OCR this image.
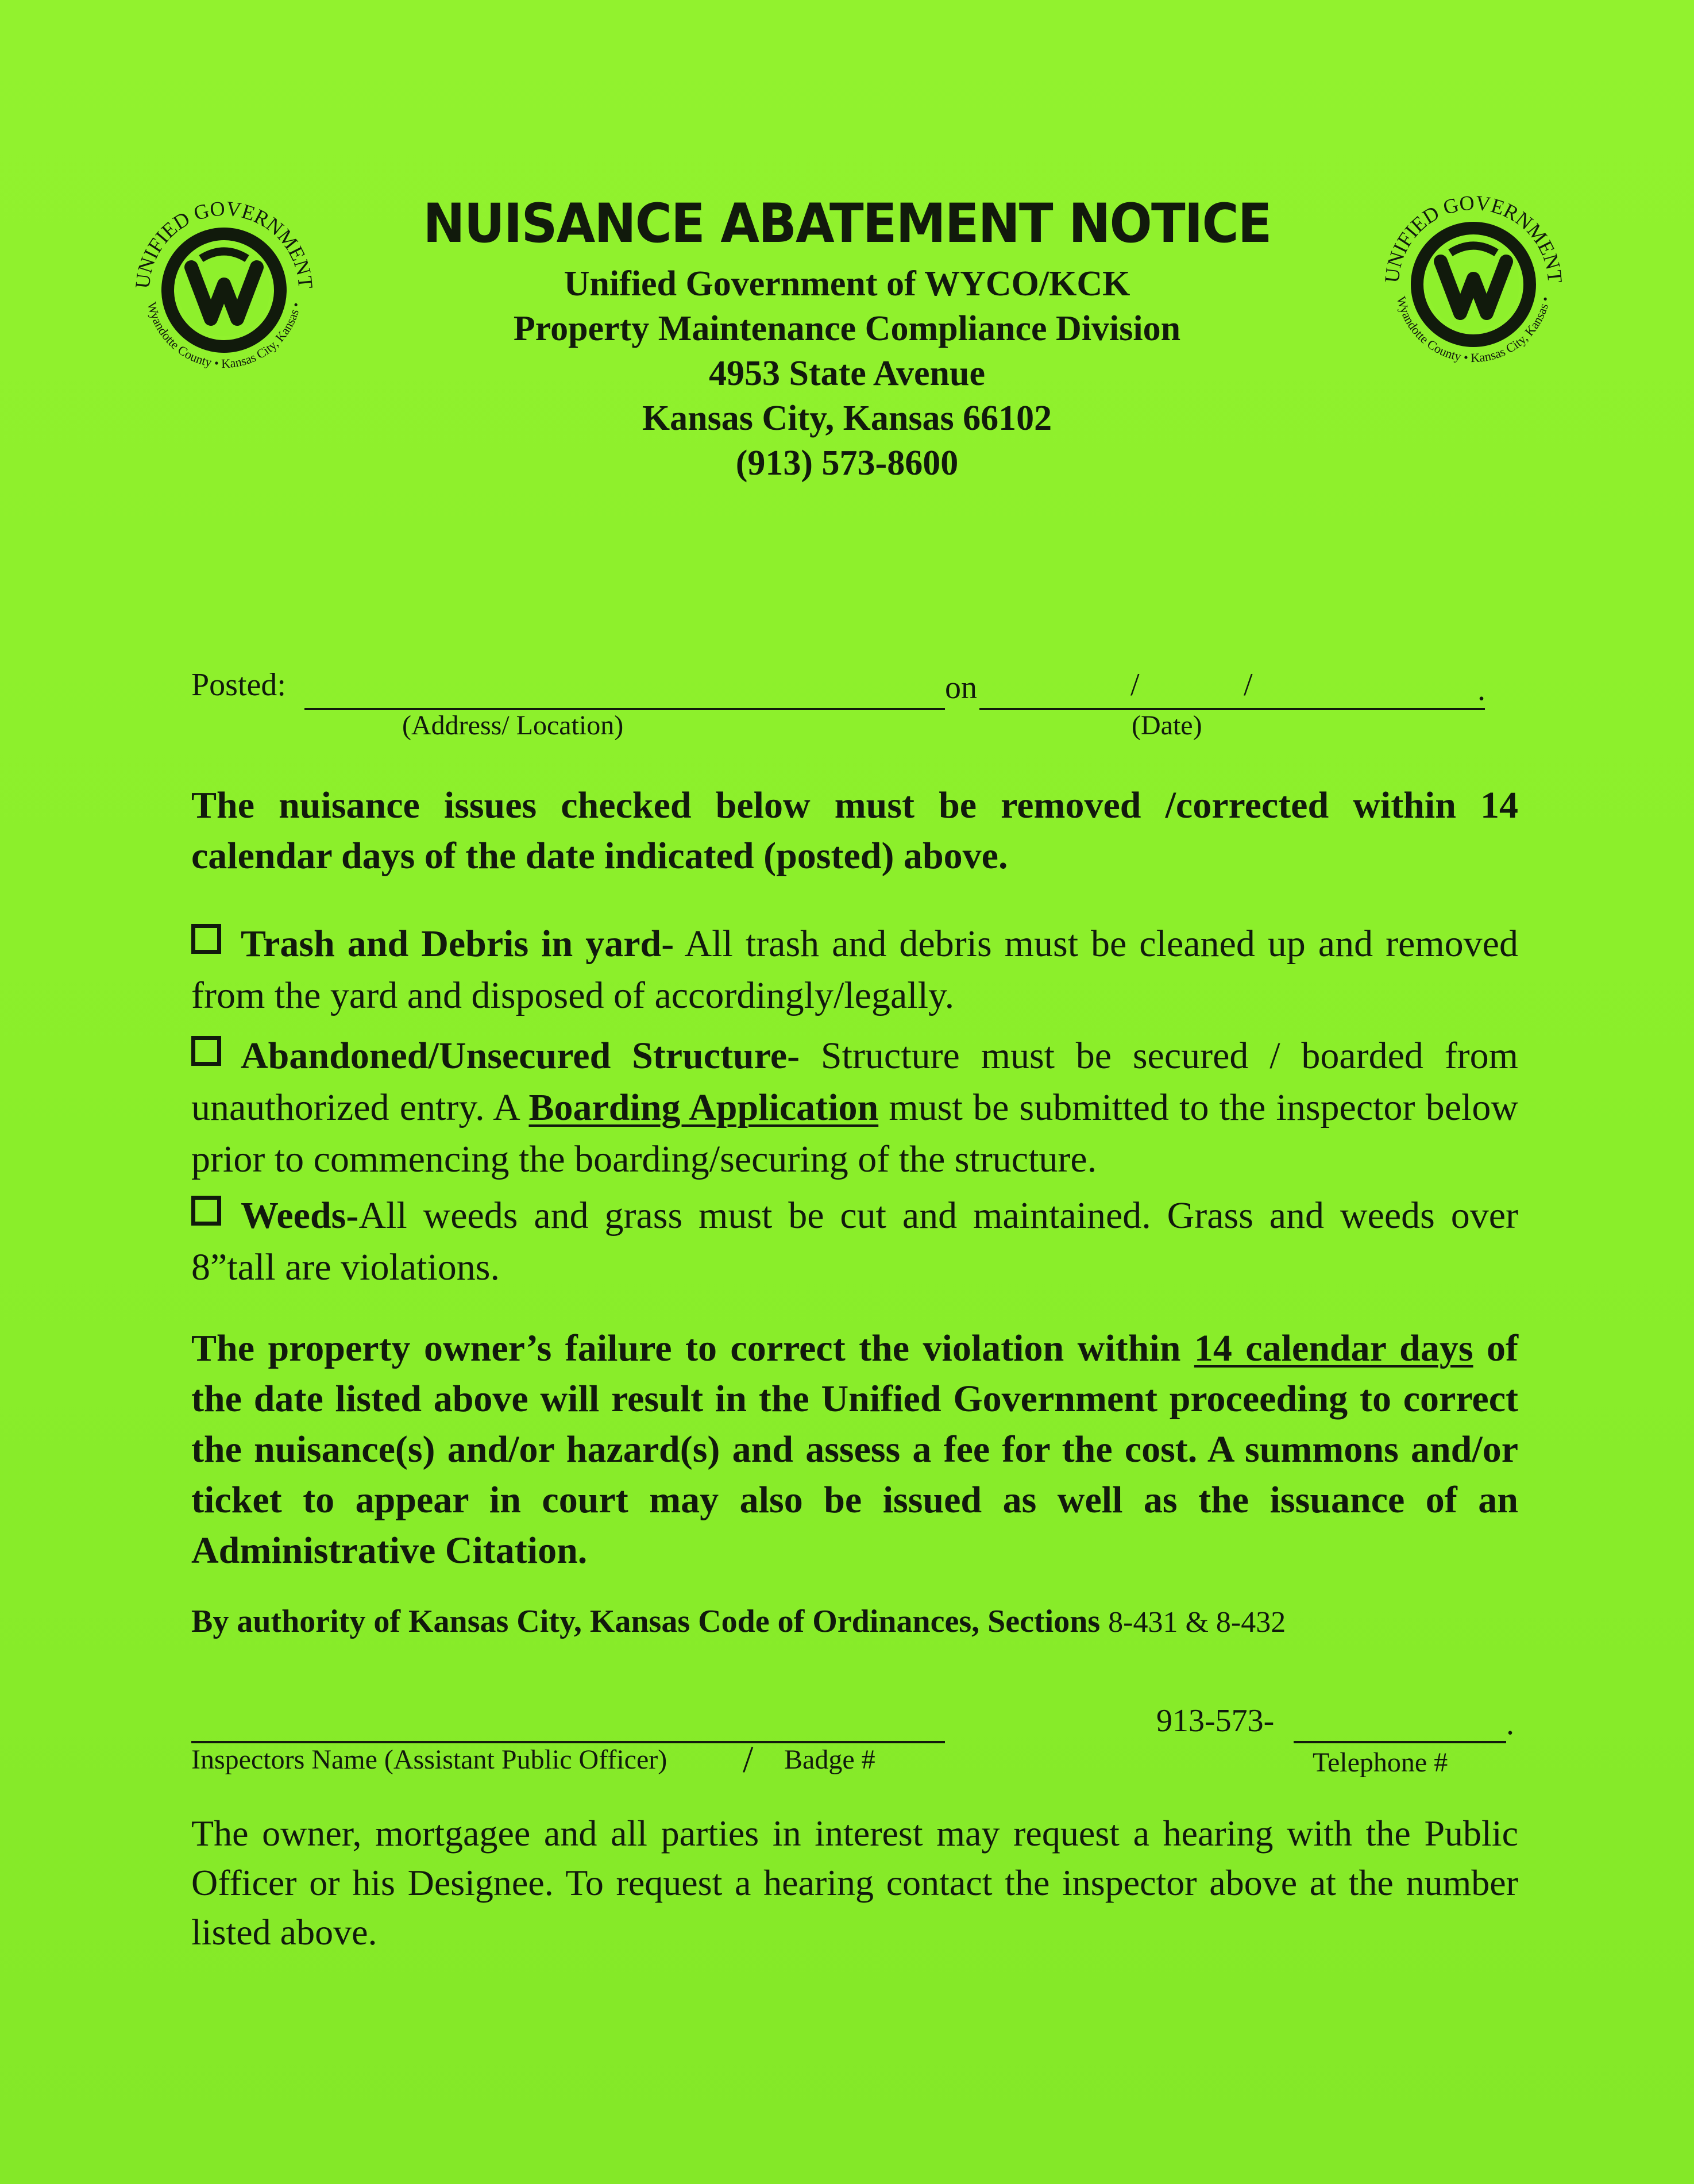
UNIFIED GOVERNMENT
Wyandotte County • Kansas City, Kansas •
UNIFIED GOVERNMENT
Wyandotte County • Kansas City, Kansas •
NUISANCE ABATEMENT NOTICE
Unified Government of WYCO/KCK
Property Maintenance Compliance Division
4953 State Avenue
Kansas City, Kansas 66102
(913) 573-8600
Posted:	on	/	/	.
(Address/ Location)	(Date)
The nuisance issues checked below must be removed /corrected within 14 calendar days of the date indicated (posted) above.
Trash and Debris in yard- All trash and debris must be cleaned up and removed from the yard and disposed of accordingly/legally.
Abandoned/Unsecured Structure- Structure must be secured / boarded from unauthorized entry. A Boarding Application must be submitted to the inspector below prior to commencing the boarding/securing of the structure.
Weeds-All weeds and grass must be cut and maintained. Grass and weeds over 8”tall are violations.
The property owner’s failure to correct the violation within 14 calendar days of the date listed above will result in the Unified Government proceeding to correct the nuisance(s) and/or hazard(s) and assess a fee for the cost. A summons and/or ticket to appear in court may also be issued as well as the issuance of an Administrative Citation.
By authority of Kansas City, Kansas Code of Ordinances, Sections 8-431 & 8-432
Inspectors Name (Assistant Public Officer) / Badge #
913-573-	.
Telephone #
The owner, mortgagee and all parties in interest may request a hearing with the Public Officer or his Designee. To request a hearing contact the inspector above at the number listed above.
